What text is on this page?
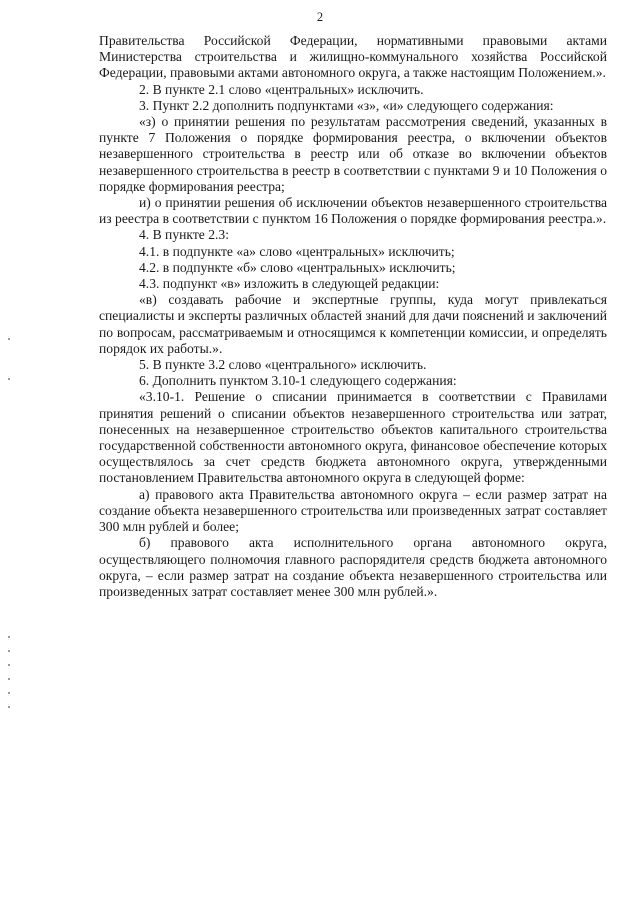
2

Правительства Российской Федерации, нормативными правовыми актами Министерства строительства и жилищно-коммунального хозяйства Российской Федерации, правовыми актами автономного округа, а также настоящим Положением.».

2. В пункте 2.1 слово «центральных» исключить.

3. Пункт 2.2 дополнить подпунктами «з», «и» следующего содержания:

«з) о принятии решения по результатам рассмотрения сведений, указанных в пункте 7 Положения о порядке формирования реестра, о включении объектов незавершенного строительства в реестр или об отказе во включении объектов незавершенного строительства в реестр в соответствии с пунктами 9 и 10 Положения о порядке формирования реестра;

и) о принятии решения об исключении объектов незавершенного строительства из реестра в соответствии с пунктом 16 Положения о порядке формирования реестра.».

4. В пункте 2.3:

4.1. в подпункте «а» слово «центральных» исключить;

4.2. в подпункте «б» слово «центральных» исключить;

4.3. подпункт «в» изложить в следующей редакции:

«в) создавать рабочие и экспертные группы, куда могут привлекаться специалисты и эксперты различных областей знаний для дачи пояснений и заключений по вопросам, рассматриваемым и относящимся к компетенции комиссии, и определять порядок их работы.».

5. В пункте 3.2 слово «центрального» исключить.

6. Дополнить пунктом 3.10-1 следующего содержания:

«3.10-1. Решение о списании принимается в соответствии с Правилами принятия решений о списании объектов незавершенного строительства или затрат, понесенных на незавершенное строительство объектов капитального строительства государственной собственности автономного округа, финансовое обеспечение которых осуществлялось за счет средств бюджета автономного округа, утвержденными постановлением Правительства автономного округа в следующей форме:

а) правового акта Правительства автономного округа – если размер затрат на создание объекта незавершенного строительства или произведенных затрат составляет 300 млн рублей и более;

б) правового акта исполнительного органа автономного округа, осуществляющего полномочия главного распорядителя средств бюджета автономного округа, – если размер затрат на создание объекта незавершенного строительства или произведенных затрат составляет менее 300 млн рублей.».
